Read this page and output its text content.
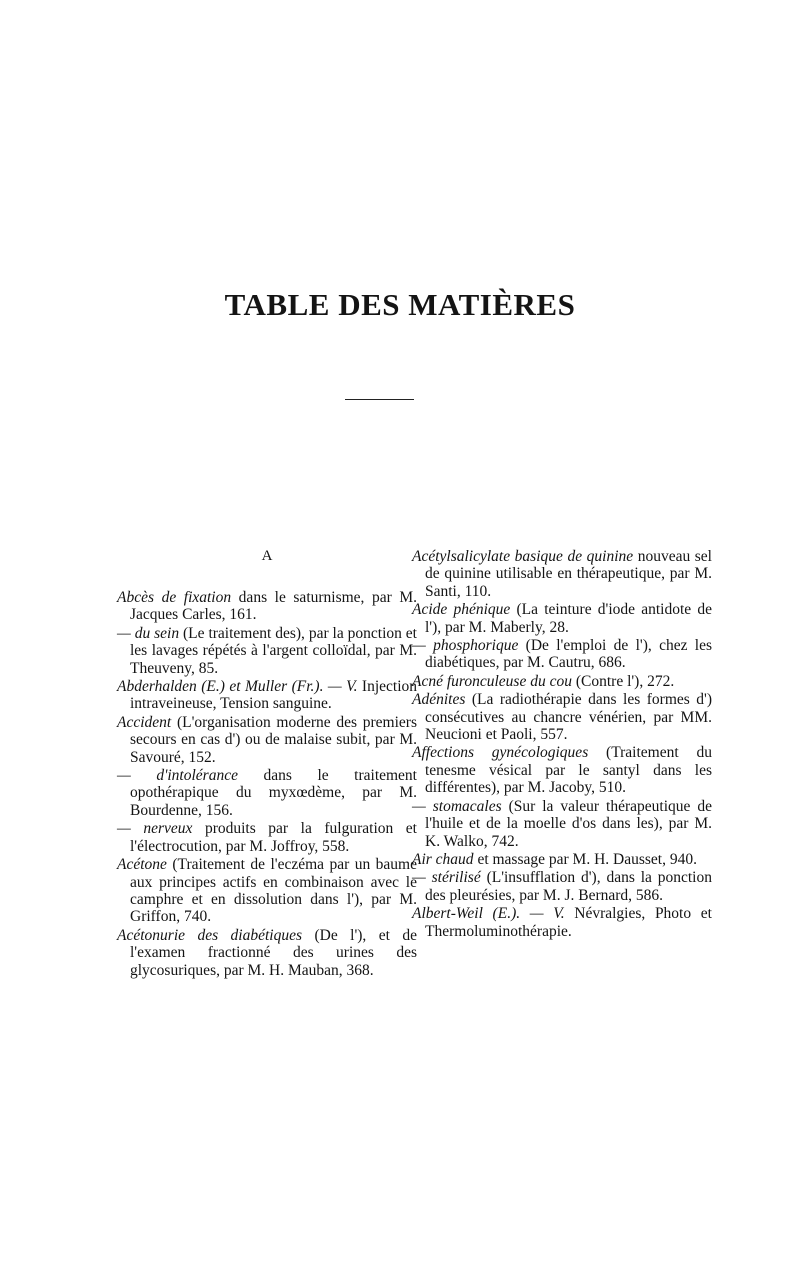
TABLE DES MATIÈRES
A

Abcès de fixation dans le saturnisme, par M. Jacques Carles, 161.

— du sein (Le traitement des), par la ponction et les lavages répétés à l'argent colloïdal, par M. Theuveny, 85.

Abderhalden (E.) et Muller (Fr.). — V. Injection intraveineuse, Tension sanguine.

Accident (L'organisation moderne des premiers secours en cas d') ou de malaise subit, par M. Savouré, 152.

— d'intolérance dans le traitement opothérapique du myxœdème, par M. Bourdenne, 156.

— nerveux produits par la fulguration et l'électrocution, par M. Joffroy, 558.

Acétone (Traitement de l'eczéma par un baume aux principes actifs en combinaison avec le camphre et en dissolution dans l'), par M. Griffon, 740.

Acétonurie des diabétiques (De l'), et de l'examen fractionné des urines des glycosuriques, par M. H. Mauban, 368.

Acétylsalicylate basique de quinine nouveau sel de quinine utilisable en thérapeutique, par M. Santi, 110.

Acide phénique (La teinture d'iode antidote de l'), par M. Maberly, 28.

— phosphorique (De l'emploi de l'), chez les diabétiques, par M. Cautru, 686.

Acné furonculeuse du cou (Contre l'), 272.

Adénites (La radiothérapie dans les formes d') consécutives au chancre vénérien, par MM. Neucioni et Paoli, 557.

Affections gynécologiques (Traitement du tenesme vésical par le santyl dans les différentes), par M. Jacoby, 510.

— stomacales (Sur la valeur thérapeutique de l'huile et de la moelle d'os dans les), par M. K. Walko, 742.

Air chaud et massage par M. H. Dausset, 940.

— stérilisé (L'insufflation d'), dans la ponction des pleurésies, par M. J. Bernard, 586.

Albert-Weil (E.). — V. Névralgies, Photo et Thermoluminothérapie.
